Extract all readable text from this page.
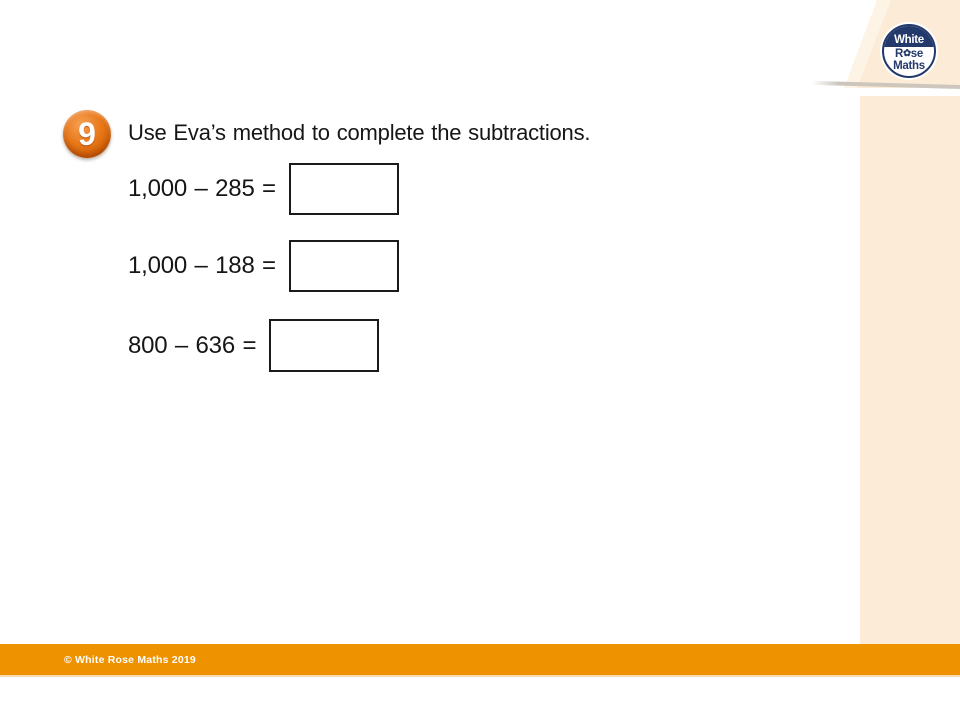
White
R ✿ se
Maths
9 Use Eva’s method to complete the subtractions.
1,000 – 285 =
1,000 – 188 =
800 – 636 =
© White Rose Maths 2019
